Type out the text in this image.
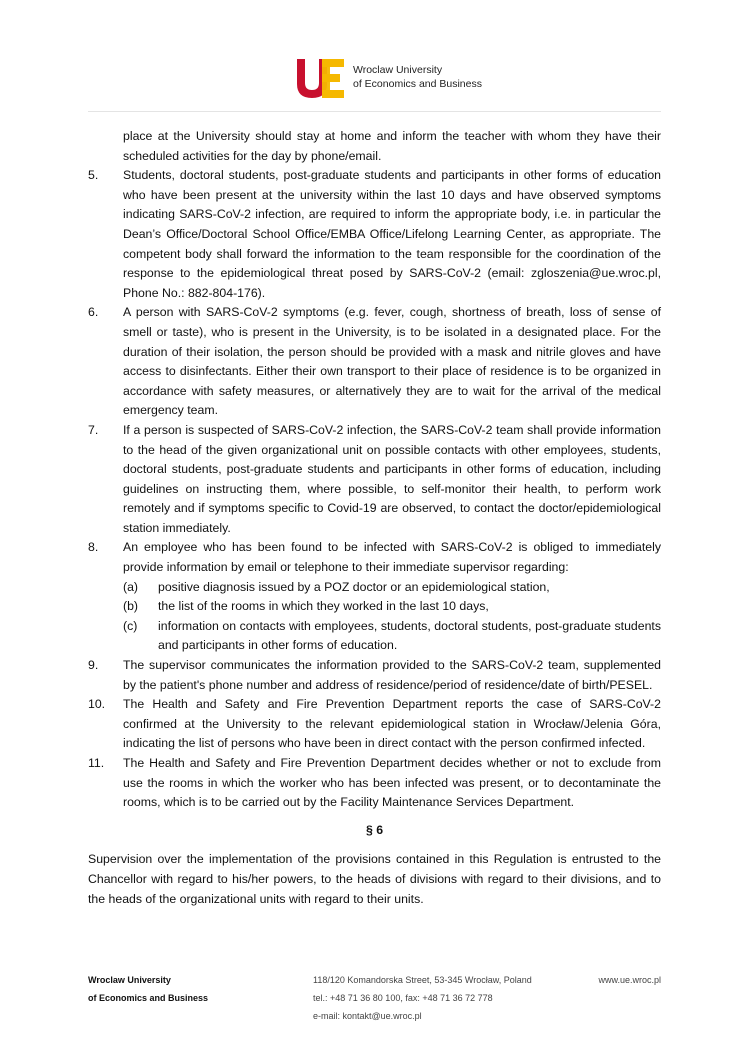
Wroclaw University
of Economics and Business

place at the University should stay at home and inform the teacher with whom they have their scheduled activities for the day by phone/email.

5. Students, doctoral students, post-graduate students and participants in other forms of education who have been present at the university within the last 10 days and have observed symptoms indicating SARS-CoV-2 infection, are required to inform the appropriate body, i.e. in particular the Dean’s Office/Doctoral School Office/EMBA Office/Lifelong Learning Center, as appropriate. The competent body shall forward the information to the team responsible for the coordination of the response to the epidemiological threat posed by SARS-CoV-2 (email: zgloszenia@ue.wroc.pl, Phone No.: 882-804-176).
6. A person with SARS-CoV-2 symptoms (e.g. fever, cough, shortness of breath, loss of sense of smell or taste), who is present in the University, is to be isolated in a designated place. For the duration of their isolation, the person should be provided with a mask and nitrile gloves and have access to disinfectants. Either their own transport to their place of residence is to be organized in accordance with safety measures, or alternatively they are to wait for the arrival of the medical emergency team.
7. If a person is suspected of SARS-CoV-2 infection, the SARS-CoV-2 team shall provide information to the head of the given organizational unit on possible contacts with other employees, students, doctoral students, post-graduate students and participants in other forms of education, including guidelines on instructing them, where possible, to self-monitor their health, to perform work remotely and if symptoms specific to Covid-19 are observed, to contact the doctor/epidemiological station immediately.
8. An employee who has been found to be infected with SARS-CoV-2 is obliged to immediately provide information by email or telephone to their immediate supervisor regarding:
(a) positive diagnosis issued by a POZ doctor or an epidemiological station,
(b) the list of the rooms in which they worked in the last 10 days,
(c) information on contacts with employees, students, doctoral students, post-graduate students and participants in other forms of education.
9. The supervisor communicates the information provided to the SARS-CoV-2 team, supplemented by the patient's phone number and address of residence/period of residence/date of birth/PESEL.
10. The Health and Safety and Fire Prevention Department reports the case of SARS-CoV-2 confirmed at the University to the relevant epidemiological station in Wrocław/Jelenia Góra, indicating the list of persons who have been in direct contact with the person confirmed infected.
11. The Health and Safety and Fire Prevention Department decides whether or not to exclude from use the rooms in which the worker who has been infected was present, or to decontaminate the rooms, which is to be carried out by the Facility Maintenance Services Department.
§ 6

Supervision over the implementation of the provisions contained in this Regulation is entrusted to the Chancellor with regard to his/her powers, to the heads of divisions with regard to their divisions, and to the heads of the organizational units with regard to their units.

Wroclaw University
of Economics and Business
118/120 Komandorska Street, 53-345 Wrocław, Poland
tel.: +48 71 36 80 100, fax: +48 71 36 72 778
e-mail: kontakt@ue.wroc.pl
www.ue.wroc.pl
